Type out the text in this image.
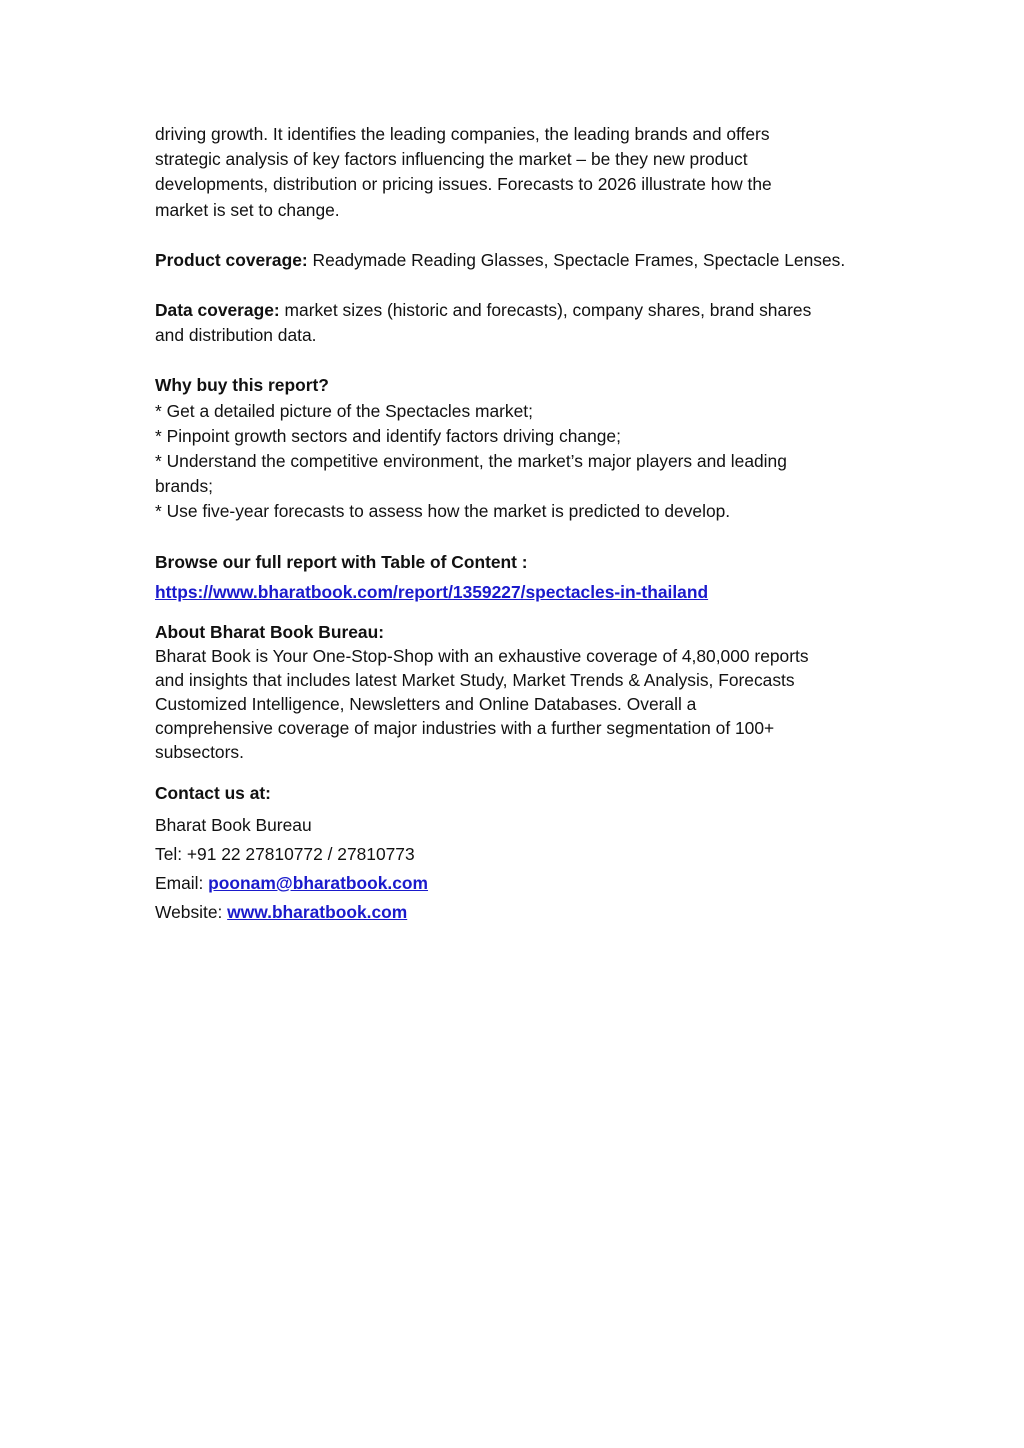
driving growth. It identifies the leading companies, the leading brands and offers

strategic analysis of key factors influencing the market – be they new product

developments, distribution or pricing issues. Forecasts to 2026 illustrate how the

market is set to change.

Product coverage: Readymade Reading Glasses, Spectacle Frames, Spectacle Lenses.

Data coverage: market sizes (historic and forecasts), company shares, brand shares

and distribution data.

Why buy this report?

* Get a detailed picture of the Spectacles market;

* Pinpoint growth sectors and identify factors driving change;

* Understand the competitive environment, the market’s major players and leading

brands;

* Use five-year forecasts to assess how the market is predicted to develop.

Browse our full report with Table of Content :

https://www.bharatbook.com/report/1359227/spectacles-in-thailand

About Bharat Book Bureau:

Bharat Book is Your One-Stop-Shop with an exhaustive coverage of 4,80,000 reports

and insights that includes latest Market Study, Market Trends & Analysis, Forecasts

Customized Intelligence, Newsletters and Online Databases. Overall a

comprehensive coverage of major industries with a further segmentation of 100+

subsectors.

Contact us at:

Bharat Book Bureau

Tel: +91 22 27810772 / 27810773

Email: poonam@bharatbook.com

Website: www.bharatbook.com
